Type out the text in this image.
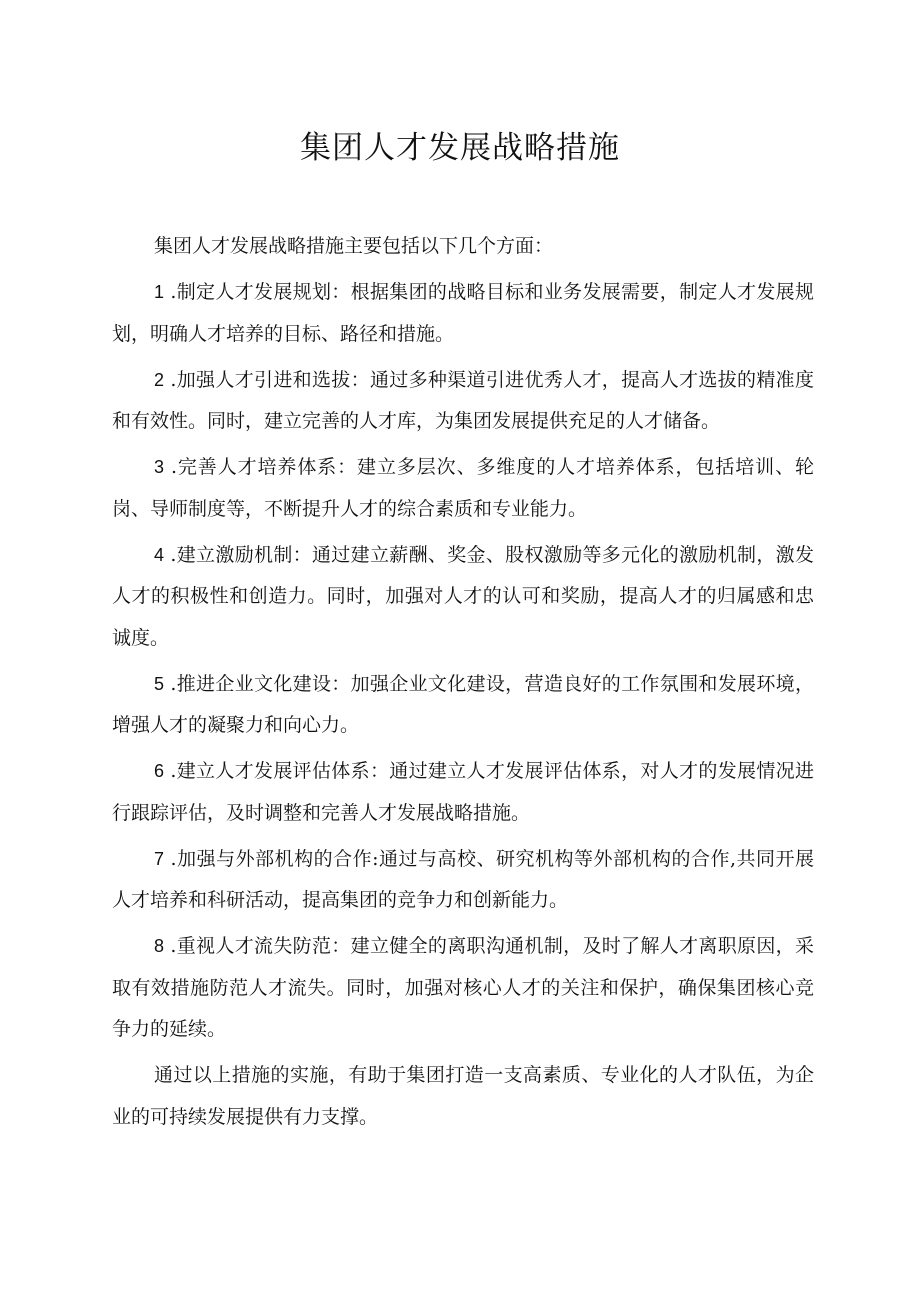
集团人才发展战略措施

集团人才发展战略措施主要包括以下几个方面：

1 .制定人才发展规划：根据集团的战略目标和业务发展需要，制定人才发展规划，明确人才培养的目标、路径和措施。

2 .加强人才引进和选拔：通过多种渠道引进优秀人才，提高人才选拔的精准度和有效性。同时，建立完善的人才库，为集团发展提供充足的人才储备。

3 .完善人才培养体系：建立多层次、多维度的人才培养体系，包括培训、轮岗、导师制度等，不断提升人才的综合素质和专业能力。

4 .建立激励机制：通过建立薪酬、奖金、股权激励等多元化的激励机制，激发人才的积极性和创造力。同时，加强对人才的认可和奖励，提高人才的归属感和忠诚度。

5 .推进企业文化建设：加强企业文化建设，营造良好的工作氛围和发展环境，增强人才的凝聚力和向心力。

6 .建立人才发展评估体系：通过建立人才发展评估体系，对人才的发展情况进行跟踪评估，及时调整和完善人才发展战略措施。

7 .加强与外部机构的合作:通过与高校、研究机构等外部机构的合作,共同开展人才培养和科研活动，提高集团的竞争力和创新能力。

8 .重视人才流失防范：建立健全的离职沟通机制，及时了解人才离职原因，采取有效措施防范人才流失。同时，加强对核心人才的关注和保护，确保集团核心竞争力的延续。

通过以上措施的实施，有助于集团打造一支高素质、专业化的人才队伍，为企业的可持续发展提供有力支撑。
